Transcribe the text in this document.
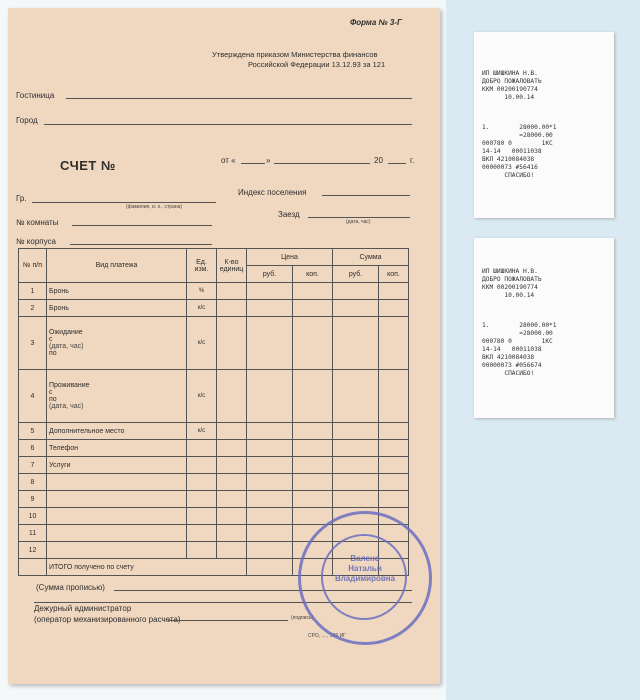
Форма № 3-Г
Утверждена приказом Министерства финансов
Российской Федерации 13.12.93 за 121
Гостиница
Город
СЧЕТ №	от «	»	20	г.
Гр.
(фамилия, и. о., страна)
Индекс поселения
№ комнаты
Заезд
(дата, час)
№ корпуса
№ п/п	Вид платежа	Ед. изм.	К-во единиц	Цена		Сумма	
				руб.	коп.	руб.	коп.
1	Бронь	%					
2	Бронь	к/с					
3	Ожидание
с
(дата, час)
по	к/с					
4	Проживание
с
по
(дата, час)	к/с					
5	Дополнительное место	к/с					
6	Телефон						
7	Услуги						
8							
9							
10							
11							
12							
	ИТОГО получено по счету						
(Сумма прописью)
Дежурный администратор
(оператор механизированного расчета)	(подпись)
СРО, ... , 929 ИГ
Валено
Натальи
Владимировна
ИП ШИШКИНА Н.В.
ДОБРО ПОЖАЛОВАТЬ
ККМ 00200190774
10.00.14
1.        28000.00*1
=28000.00
000780 0        1КС
14-14   00011038
ВКЛ 4210084038
00000073 #56416
СПАСИБО!
ИП ШИШКИНА Н.В.
ДОБРО ПОЖАЛОВАТЬ
ККМ 00200190774
10.00.14
1.        28000.00*1
=28000.00
000780 0        1КС
14-14   00011038
ВКЛ 4210084038
00000073 #056674
СПАСИБО!
